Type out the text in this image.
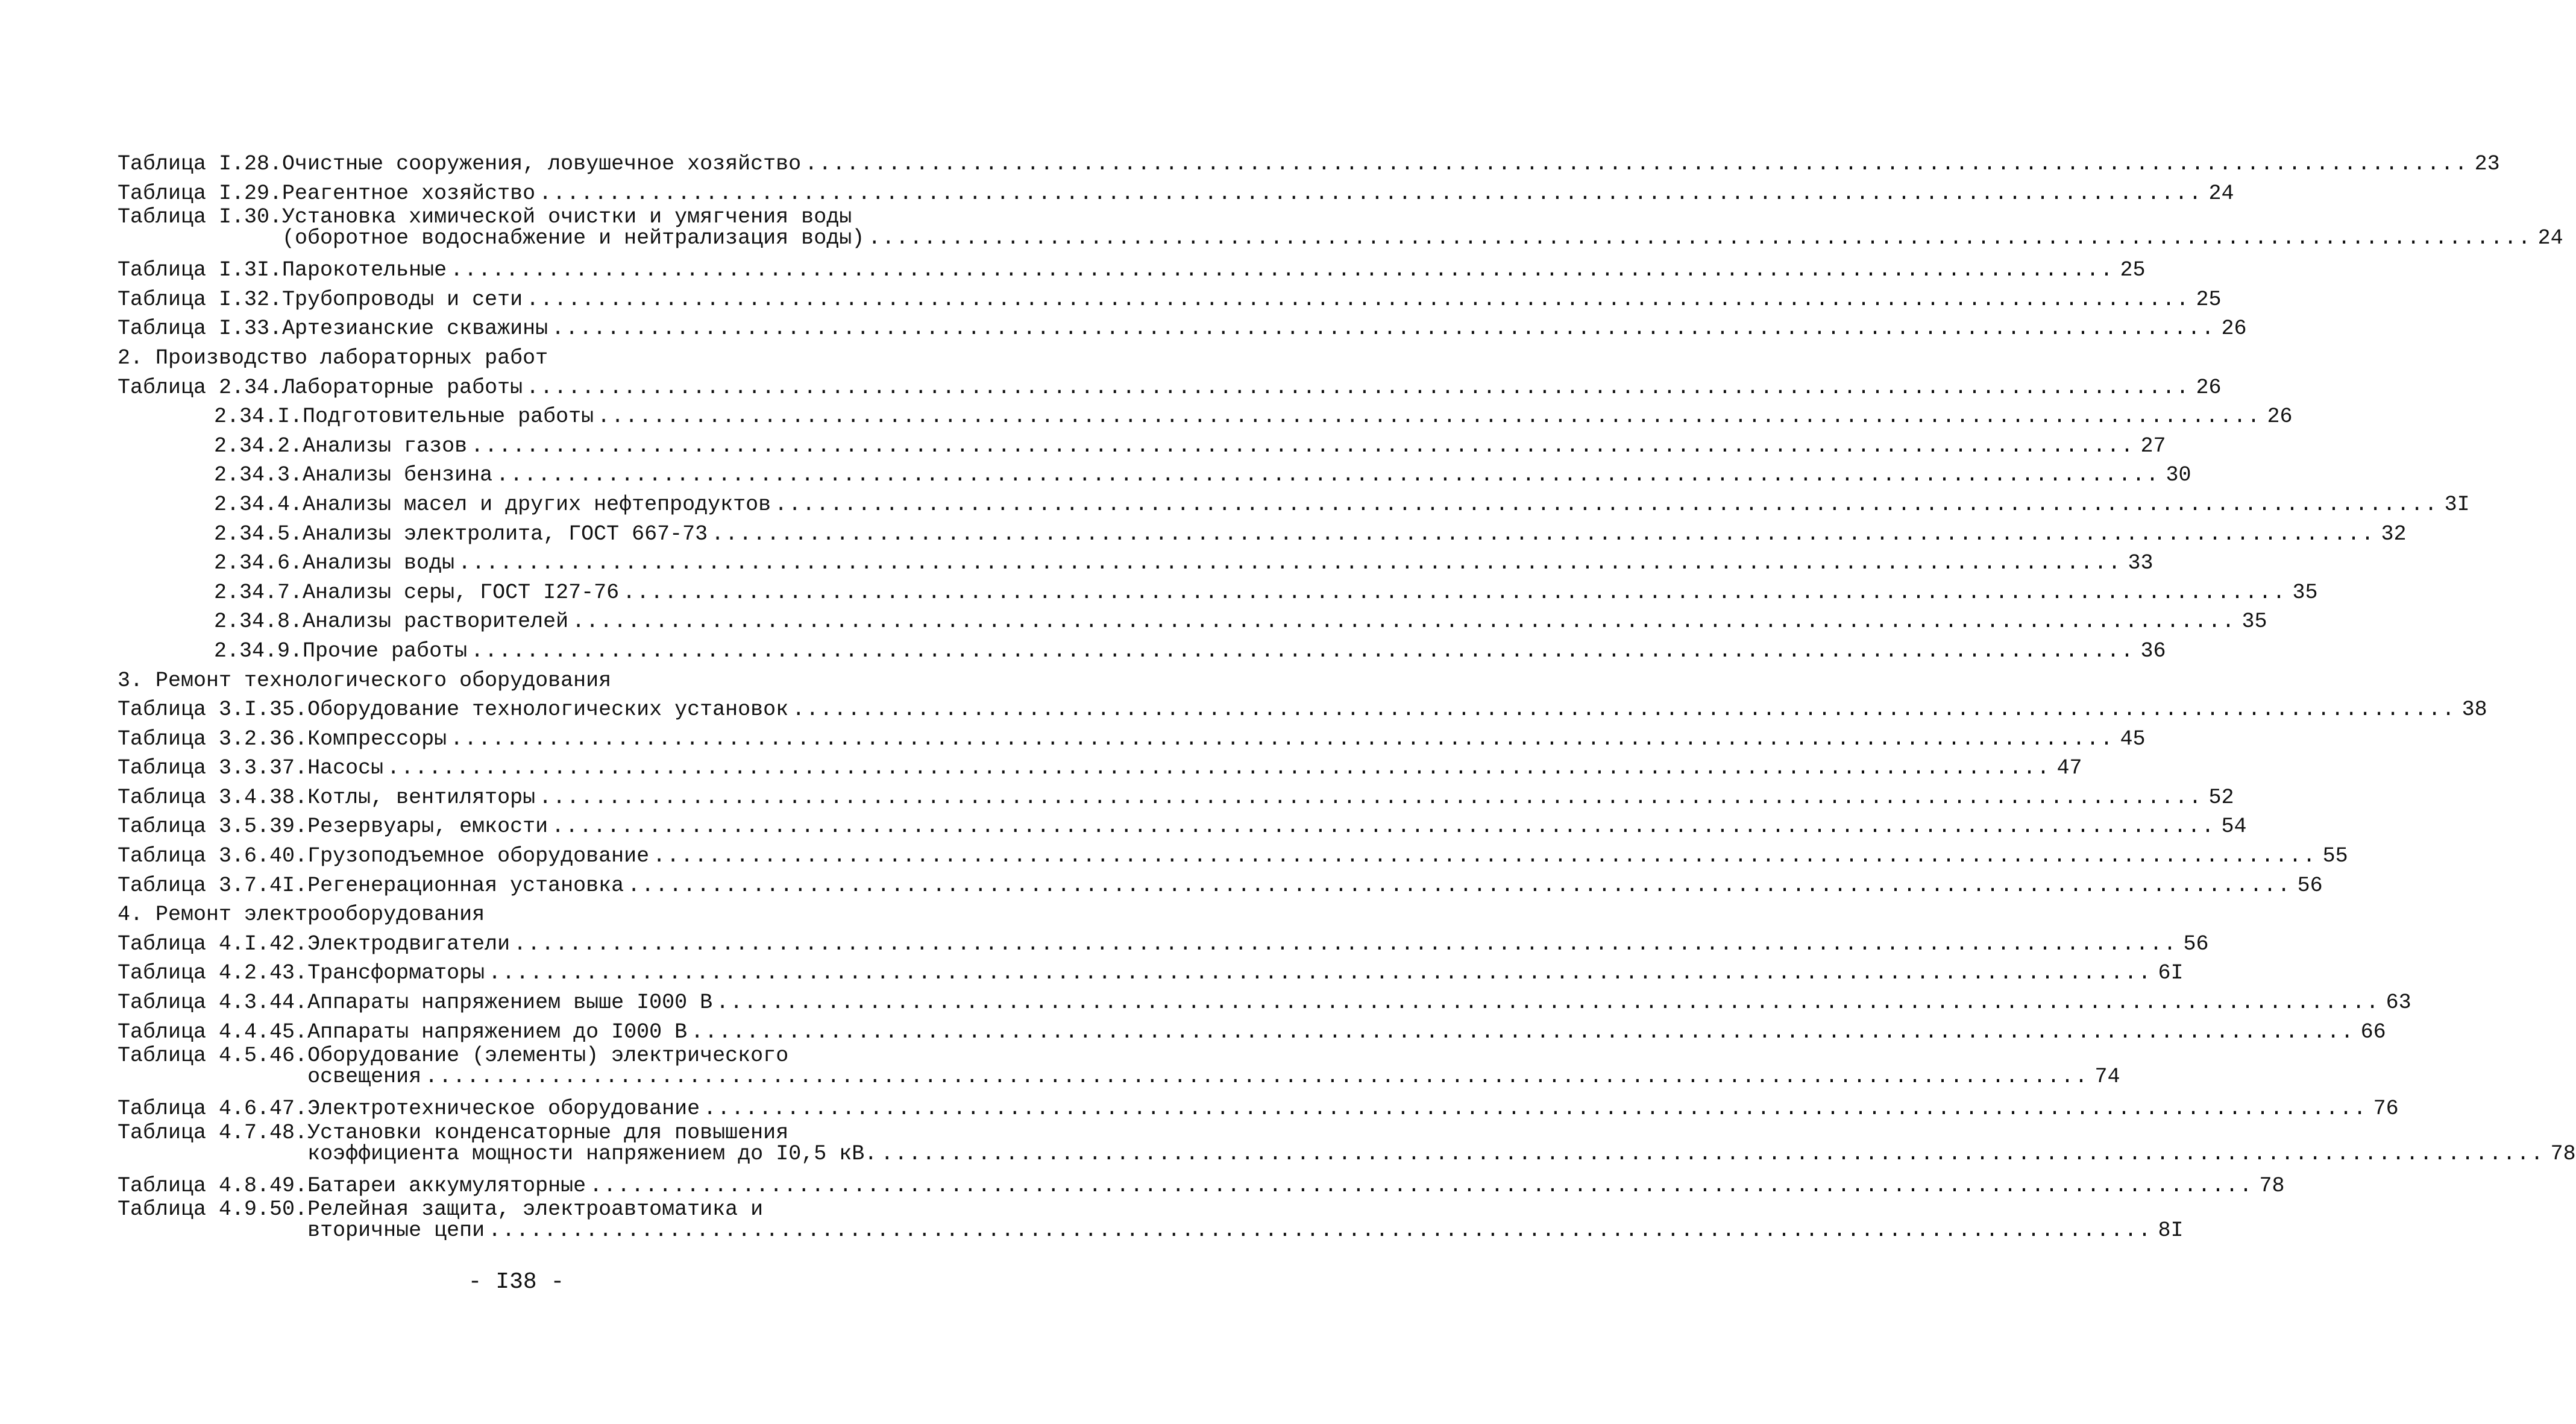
Таблица I.28. Очистные сооружения, ловушечное хозяйство ........................................................................................................................ 23
Таблица I.29. Реагентное хозяйство ........................................................................................................................ 24
Таблица I.30. Установка химической очистки и умягчения воды
(оборотное водоснабжение и нейтрализация воды) ........................................................................................................................ 24
Таблица I.3I. Парокотельные ........................................................................................................................ 25
Таблица I.32. Трубопроводы и сети ........................................................................................................................ 25
Таблица I.33. Артезианские скважины ........................................................................................................................ 26
2. Производство лабораторных работ
Таблица 2.34. Лабораторные работы ........................................................................................................................ 26
2.34.I. Подготовительные работы ........................................................................................................................ 26
2.34.2. Анализы газов ........................................................................................................................ 27
2.34.3. Анализы бензина ........................................................................................................................ 30
2.34.4. Анализы масел и других нефтепродуктов ........................................................................................................................ 3I
2.34.5. Анализы электролита, ГОСТ 667-73 ........................................................................................................................ 32
2.34.6. Анализы воды ........................................................................................................................ 33
2.34.7. Анализы серы, ГОСТ I27-76 ........................................................................................................................ 35
2.34.8. Анализы растворителей ........................................................................................................................ 35
2.34.9. Прочие работы ........................................................................................................................ 36
3. Ремонт технологического оборудования
Таблица 3.I.35. Оборудование технологических установок ........................................................................................................................ 38
Таблица 3.2.36. Компрессоры ........................................................................................................................ 45
Таблица 3.3.37. Насосы ........................................................................................................................ 47
Таблица 3.4.38. Котлы, вентиляторы ........................................................................................................................ 52
Таблица 3.5.39. Резервуары, емкости ........................................................................................................................ 54
Таблица 3.6.40. Грузоподъемное оборудование ........................................................................................................................ 55
Таблица 3.7.4I. Регенерационная установка ........................................................................................................................ 56
4. Ремонт электрооборудования
Таблица 4.I.42. Электродвигатели ........................................................................................................................ 56
Таблица 4.2.43. Трансформаторы ........................................................................................................................ 6I
Таблица 4.3.44. Аппараты напряжением выше I000 В ........................................................................................................................ 63
Таблица 4.4.45. Аппараты напряжением до I000 В ........................................................................................................................ 66
Таблица 4.5.46. Оборудование (элементы) электрического
освещения ........................................................................................................................ 74
Таблица 4.6.47. Электротехническое оборудование ........................................................................................................................ 76
Таблица 4.7.48. Установки конденсаторные для повышения
коэффициента мощности напряжением до I0,5 кВ. ........................................................................................................................ 78
Таблица 4.8.49. Батареи аккумуляторные ........................................................................................................................ 78
Таблица 4.9.50. Релейная защита, электроавтоматика и
вторичные цепи ........................................................................................................................ 8I
- I38 -
